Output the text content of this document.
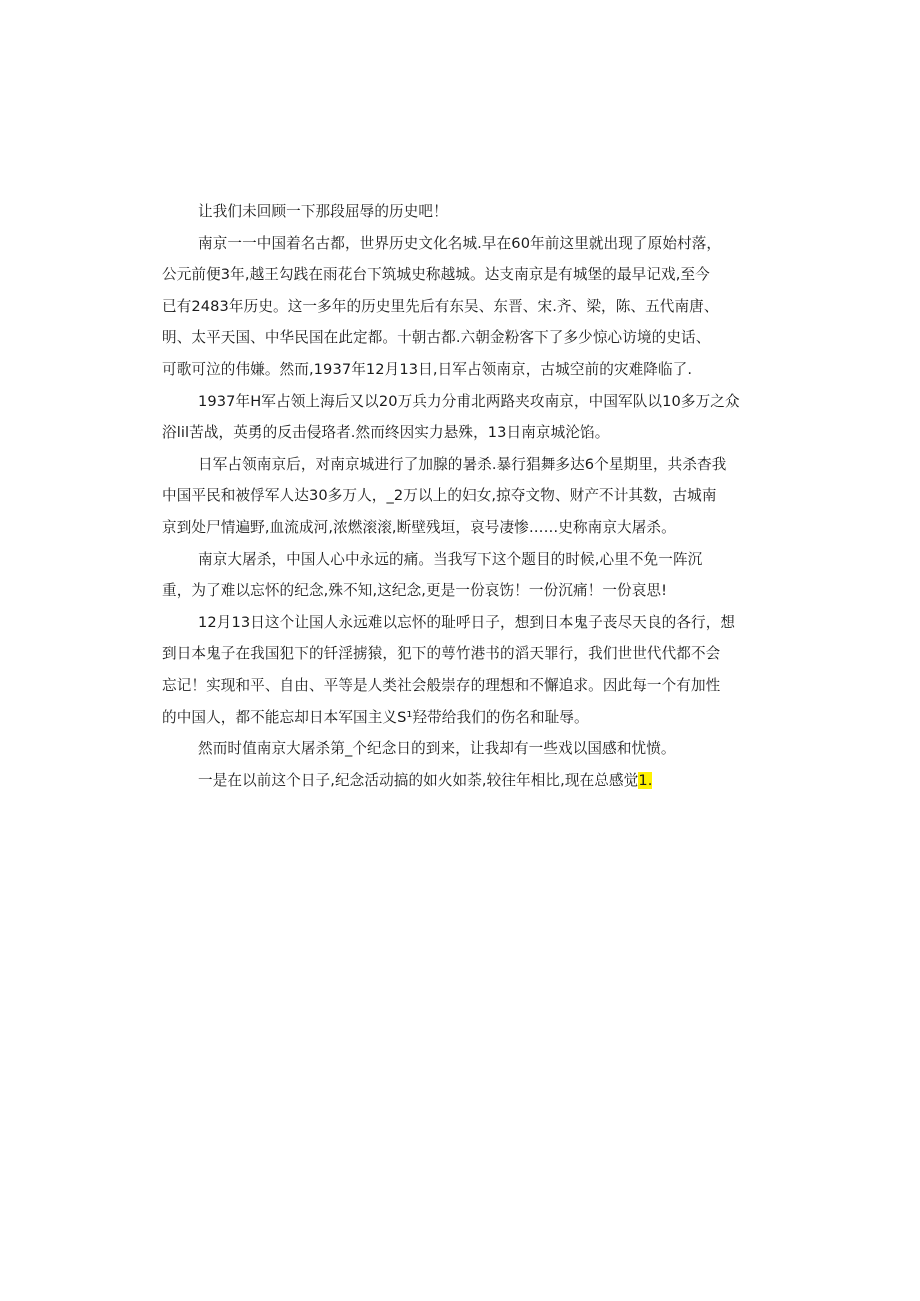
让我们未回顾一下那段屈辱的历史吧！
南京一一中国着名古都，世界历史文化名城.早在60年前这里就出现了原始村落，
公元前便3年,越王勾践在雨花台下筑城史称越城。达支南京是有城堡的最早记戏,至今
已有2483年历史。这一多年的历史里先后有东吴、东晋、宋.齐、梁，陈、五代南唐、
明、太平天国、中华民国在此定都。十朝古都.六朝金粉客下了多少惊心访境的史话、
可歌可泣的伟嫌。然而,1937年12月13日,日军占领南京，古城空前的灾难降临了.
1937年H军占领上海后又以20万兵力分甫北两路夹攻南京，中国军队以10多万之众
浴lil苦战，英勇的反击侵珞者.然而终因实力悬殊，13日南京城沦馅。
日军占领南京后，对南京城进行了加腺的暑杀.暴行猖舞多达6个星期里，共杀杳我
中国平民和被俘军人达30多万人，_2万以上的妇女,掠夺文物、财产不计其数，古城南
京到处尸情遍野,血流成河,浓燃滚滚,断壁残垣，哀号凄惨……史称南京大屠杀。
南京大屠杀，中国人心中永远的痛。当我写下这个题目的时候,心里不免一阵沉
重，为了难以忘怀的纪念,殊不知,这纪念,更是一份哀饬！一份沉痛！一份哀思!
12月13日这个让国人永远难以忘怀的耻呼日子，想到日本鬼子丧尽天良的各行，想
到日本鬼子在我国犯下的钎淫掳猿，犯下的萼竹港书的滔天罪行，我们世世代代都不会
忘记！实现和平、自由、平等是人类社会般崇存的理想和不懈追求。因此每一个有加性
的中国人，都不能忘却日本军国主义S¹羟带给我们的伤名和耻辱。
然而时值南京大屠杀第_个纪念日的到来，让我却有一些戏以国感和忧愤。
一是在以前这个日子,纪念活动搞的如火如荼,较往年相比,现在总感觉1.
